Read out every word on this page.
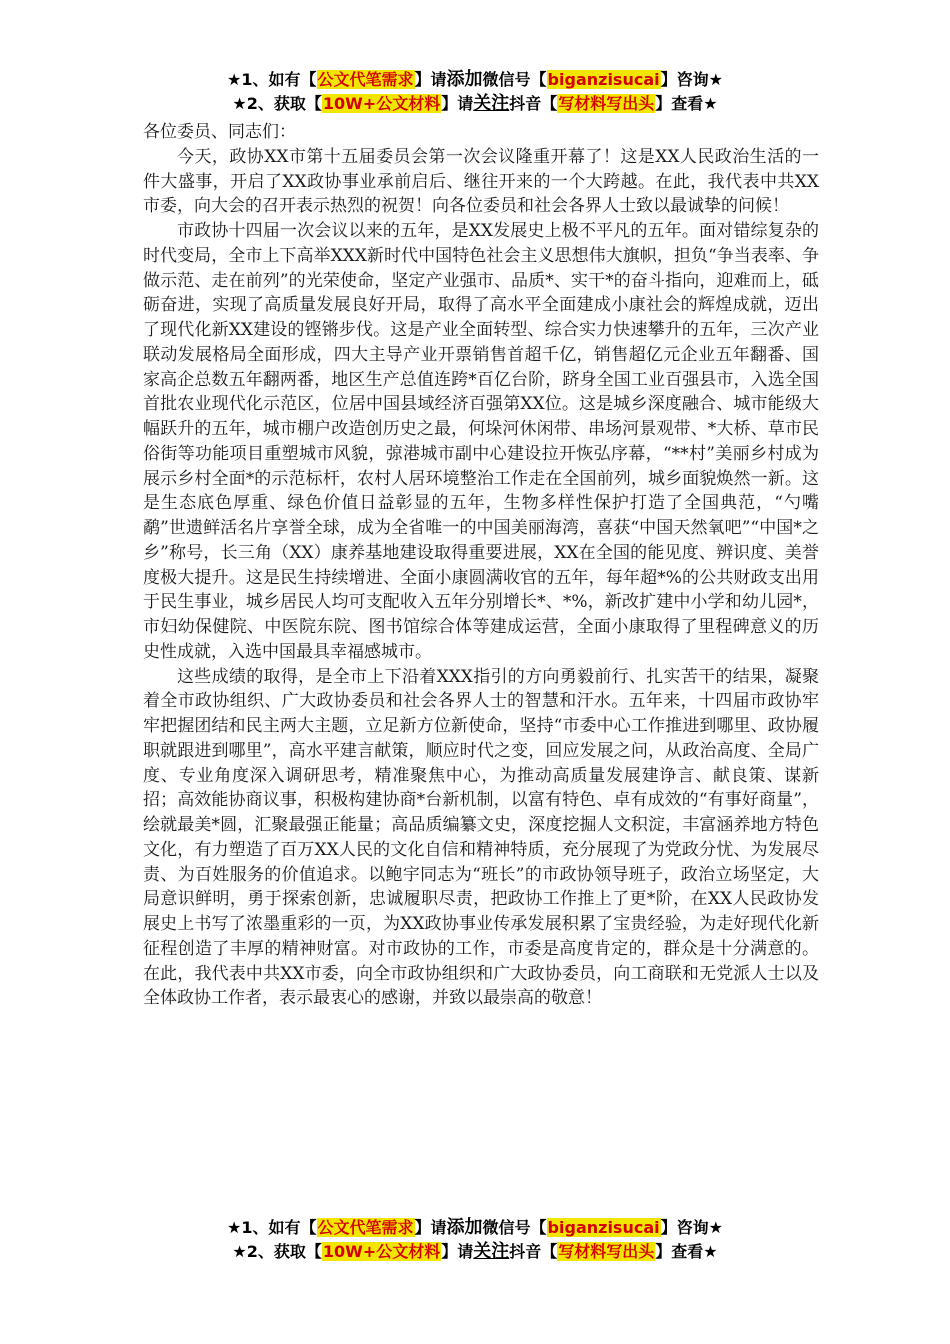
★1、如有【公文代笔需求】请添加微信号【biganzisucai】咨询★
★2、获取【10W+公文材料】请关注抖音【写材料写出头】查看★

各位委员、同志们：

今天，政协XX市第十五届委员会第一次会议隆重开幕了！这是XX人民政治生活的一件大盛事，开启了XX政协事业承前启后、继往开来的一个大跨越。在此，我代表中共XX市委，向大会的召开表示热烈的祝贺！向各位委员和社会各界人士致以最诚挚的问候！

市政协十四届一次会议以来的五年，是XX发展史上极不平凡的五年。面对错综复杂的时代变局，全市上下高举XXX新时代中国特色社会主义思想伟大旗帜，担负“争当表率、争做示范、走在前列”的光荣使命，坚定产业强市、品质*、实干*的奋斗指向，迎难而上，砥砺奋进，实现了高质量发展良好开局，取得了高水平全面建成小康社会的辉煌成就，迈出了现代化新XX建设的铿锵步伐。这是产业全面转型、综合实力快速攀升的五年，三次产业联动发展格局全面形成，四大主导产业开票销售首超千亿，销售超亿元企业五年翻番、国家高企总数五年翻两番，地区生产总值连跨*百亿台阶，跻身全国工业百强县市，入选全国首批农业现代化示范区，位居中国县域经济百强第XX位。这是城乡深度融合、城市能级大幅跃升的五年，城市棚户改造创历史之最，何垛河休闲带、串场河景观带、*大桥、草市民俗街等功能项目重塑城市风貌，弶港城市副中心建设拉开恢弘序幕，“**村”美丽乡村成为展示乡村全面*的示范标杆，农村人居环境整治工作走在全国前列，城乡面貌焕然一新。这是生态底色厚重、绿色价值日益彰显的五年，生物多样性保护打造了全国典范，“勺嘴鹬”世遗鲜活名片享誉全球，成为全省唯一的中国美丽海湾，喜获“中国天然氧吧”“中国*之乡”称号，长三角（XX）康养基地建设取得重要进展，XX在全国的能见度、辨识度、美誉度极大提升。这是民生持续增进、全面小康圆满收官的五年，每年超*%的公共财政支出用于民生事业，城乡居民人均可支配收入五年分别增长*、*%，新改扩建中小学和幼儿园*，市妇幼保健院、中医院东院、图书馆综合体等建成运营，全面小康取得了里程碑意义的历史性成就，入选中国最具幸福感城市。

这些成绩的取得，是全市上下沿着XXX指引的方向勇毅前行、扎实苦干的结果，凝聚着全市政协组织、广大政协委员和社会各界人士的智慧和汗水。五年来，十四届市政协牢牢把握团结和民主两大主题，立足新方位新使命，坚持“市委中心工作推进到哪里、政协履职就跟进到哪里”，高水平建言献策，顺应时代之变，回应发展之问，从政治高度、全局广度、专业角度深入调研思考，精准聚焦中心，为推动高质量发展建诤言、献良策、谋新招；高效能协商议事，积极构建协商*台新机制，以富有特色、卓有成效的“有事好商量”，绘就最美*圆，汇聚最强正能量；高品质编纂文史，深度挖掘人文积淀，丰富涵养地方特色文化，有力塑造了百万XX人民的文化自信和精神特质，充分展现了为党政分忧、为发展尽责、为百姓服务的价值追求。以鲍宇同志为“班长”的市政协领导班子，政治立场坚定，大局意识鲜明，勇于探索创新，忠诚履职尽责，把政协工作推上了更*阶，在XX人民政协发展史上书写了浓墨重彩的一页，为XX政协事业传承发展积累了宝贵经验，为走好现代化新征程创造了丰厚的精神财富。对市政协的工作，市委是高度肯定的，群众是十分满意的。在此，我代表中共XX市委，向全市政协组织和广大政协委员，向工商联和无党派人士以及全体政协工作者，表示最衷心的感谢，并致以最崇高的敬意！

★1、如有【公文代笔需求】请添加微信号【biganzisucai】咨询★
★2、获取【10W+公文材料】请关注抖音【写材料写出头】查看★
